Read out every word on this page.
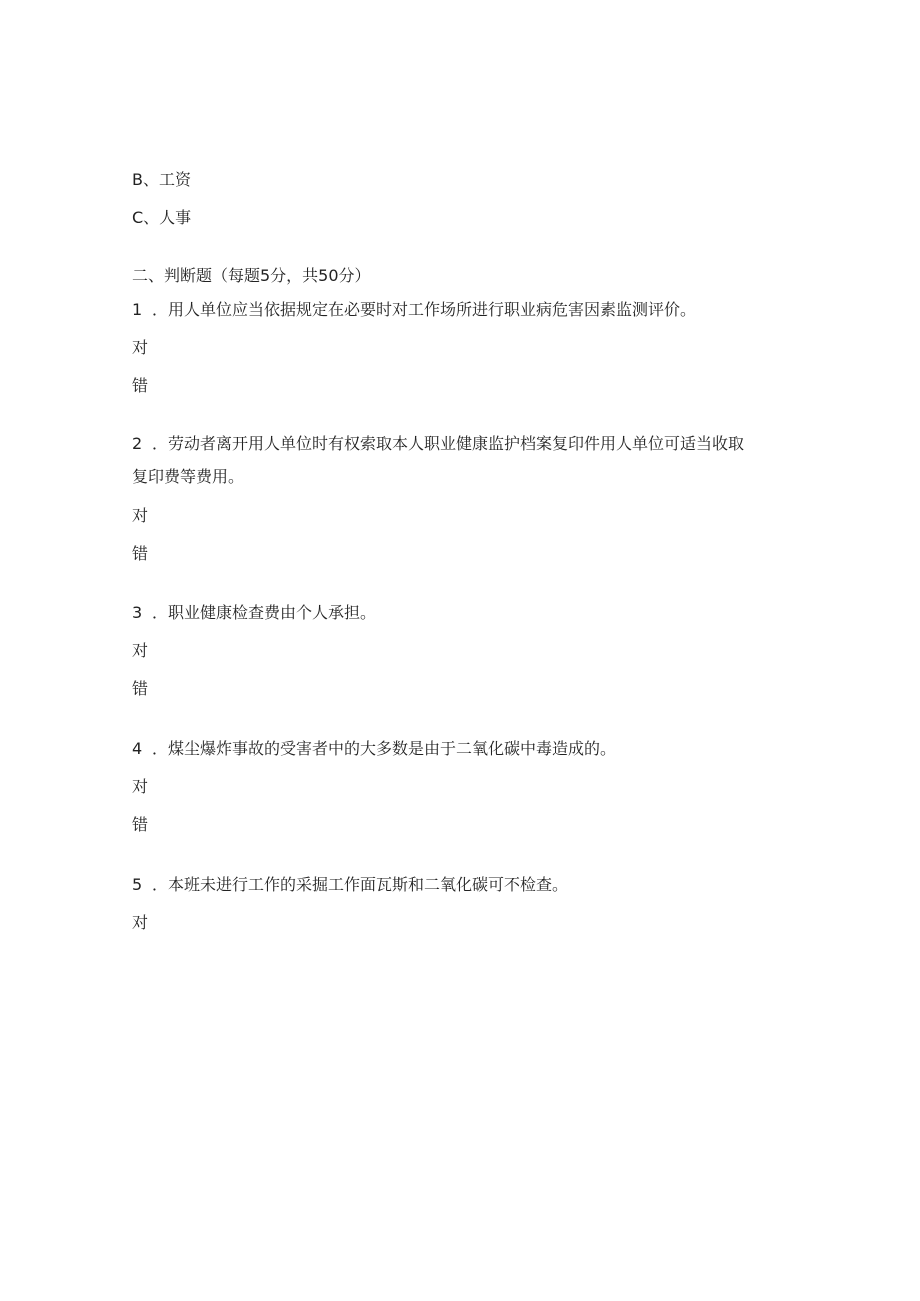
B、工资
C、人事
二、判断题（每题5分，共50分）
1 ．用人单位应当依据规定在必要时对工作场所进行职业病危害因素监测评价。
对
错
2 ．劳动者离开用人单位时有权索取本人职业健康监护档案复印件用人单位可适当收取
复印费等费用。
对
错
3 ．职业健康检查费由个人承担。
对
错
4 ．煤尘爆炸事故的受害者中的大多数是由于二氧化碳中毒造成的。
对
错
5 ．本班未进行工作的采掘工作面瓦斯和二氧化碳可不检查。
对
